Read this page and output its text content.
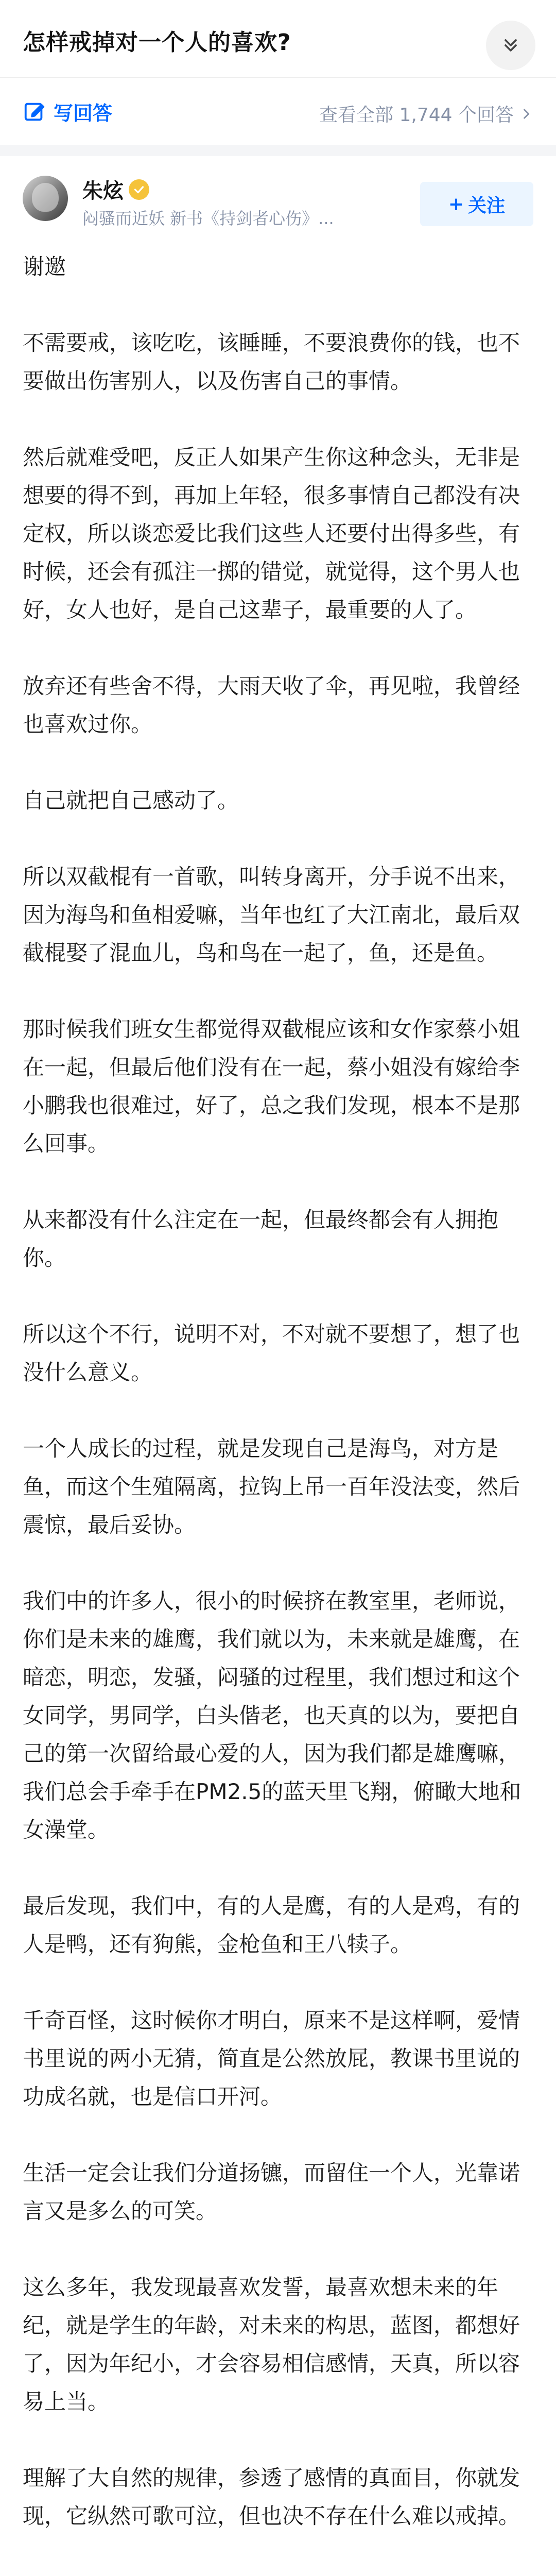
怎样戒掉对一个人的喜欢?
写回答	查看全部 1,744 个回答
朱炫
闷骚而近妖 新书《持剑者心伤》...
+ 关注

谢邀

不需要戒，该吃吃，该睡睡，不要浪费你的钱，也不要做出伤害别人，以及伤害自己的事情。

然后就难受吧，反正人如果产生你这种念头，无非是想要的得不到，再加上年轻，很多事情自己都没有决定权，所以谈恋爱比我们这些人还要付出得多些，有时候，还会有孤注一掷的错觉，就觉得，这个男人也好，女人也好，是自己这辈子，最重要的人了。

放弃还有些舍不得，大雨天收了伞，再见啦，我曾经也喜欢过你。

自己就把自己感动了。

所以双截棍有一首歌，叫转身离开，分手说不出来，因为海鸟和鱼相爱嘛，当年也红了大江南北，最后双截棍娶了混血儿，鸟和鸟在一起了，鱼，还是鱼。

那时候我们班女生都觉得双截棍应该和女作家蔡小姐在一起，但最后他们没有在一起，蔡小姐没有嫁给李小鹏我也很难过，好了，总之我们发现，根本不是那么回事。

从来都没有什么注定在一起，但最终都会有人拥抱你。

所以这个不行，说明不对，不对就不要想了，想了也没什么意义。

一个人成长的过程，就是发现自己是海鸟，对方是鱼，而这个生殖隔离，拉钩上吊一百年没法变，然后震惊，最后妥协。

我们中的许多人，很小的时候挤在教室里，老师说，你们是未来的雄鹰，我们就以为，未来就是雄鹰，在暗恋，明恋，发骚，闷骚的过程里，我们想过和这个女同学，男同学，白头偕老，也天真的以为，要把自己的第一次留给最心爱的人，因为我们都是雄鹰嘛，我们总会手牵手在PM2.5的蓝天里飞翔，俯瞰大地和女澡堂。

最后发现，我们中，有的人是鹰，有的人是鸡，有的人是鸭，还有狗熊，金枪鱼和王八犊子。

千奇百怪，这时候你才明白，原来不是这样啊，爱情书里说的两小无猜，简直是公然放屁，教课书里说的功成名就，也是信口开河。

生活一定会让我们分道扬镳，而留住一个人，光靠诺言又是多么的可笑。

这么多年，我发现最喜欢发誓，最喜欢想未来的年纪，就是学生的年龄，对未来的构思，蓝图，都想好了，因为年纪小，才会容易相信感情，天真，所以容易上当。

理解了大自然的规律，参透了感情的真面目，你就发现，它纵然可歌可泣，但也决不存在什么难以戒掉。
